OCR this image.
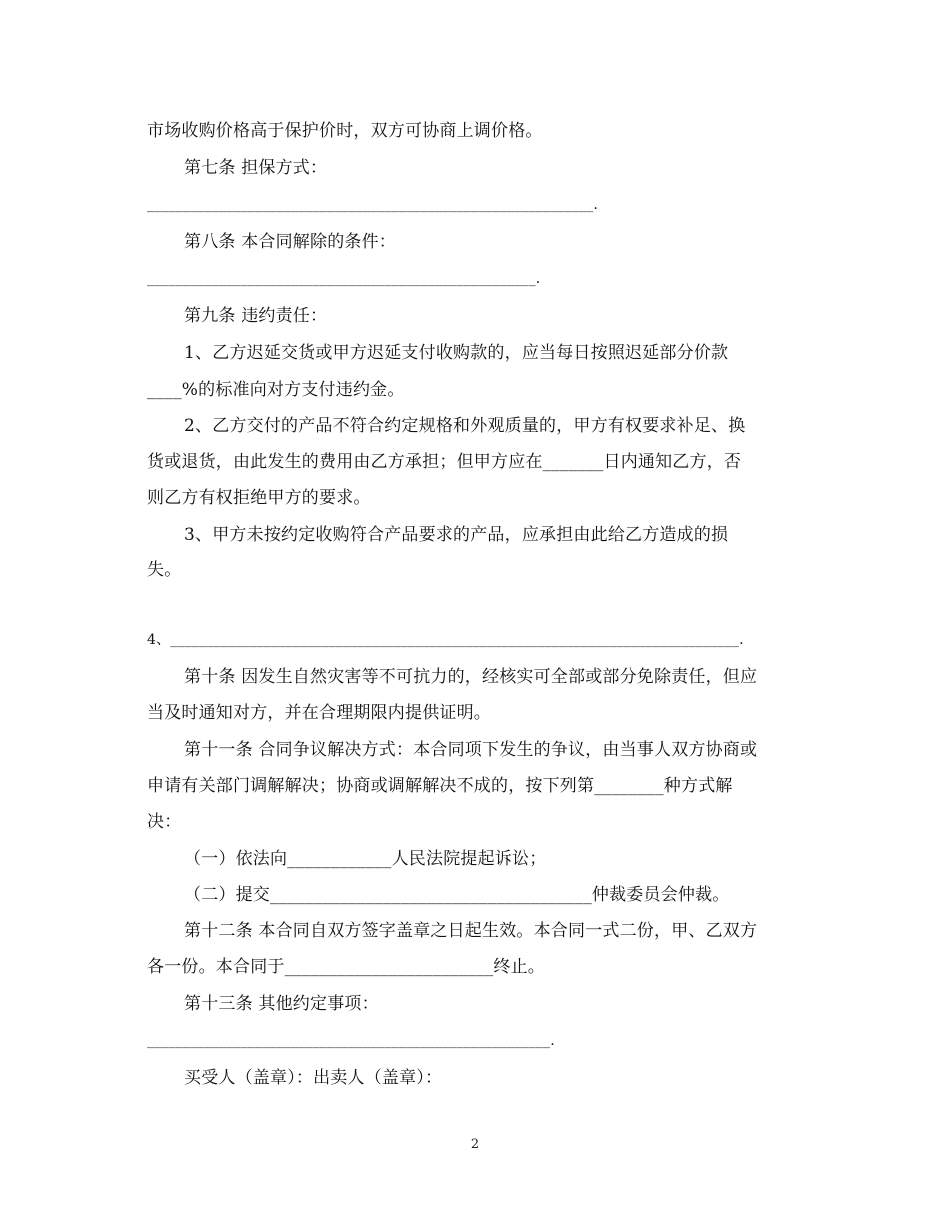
市场收购价格高于保护价时，双方可协商上调价格。
第七条 担保方式：
______________________________________________________________.
第八条 本合同解除的条件：
______________________________________________________.
第九条 违约责任：
1、乙方迟延交货或甲方迟延支付收购款的，应当每日按照迟延部分价款
____%的标准向对方支付违约金。
2、乙方交付的产品不符合约定规格和外观质量的，甲方有权要求补足、换
货或退货，由此发生的费用由乙方承担；但甲方应在_______日内通知乙方，否
则乙方有权拒绝甲方的要求。
3、甲方未按约定收购符合产品要求的产品，应承担由此给乙方造成的损
失。
4、_______________________________________________________________________________.
第十条 因发生自然灾害等不可抗力的，经核实可全部或部分免除责任，但应
当及时通知对方，并在合理期限内提供证明。
第十一条 合同争议解决方式：本合同项下发生的争议，由当事人双方协商或
申请有关部门调解解决；协商或调解解决不成的，按下列第________种方式解
决：
（一）依法向____________人民法院提起诉讼；
（二）提交_____________________________________仲裁委员会仲裁。
第十二条 本合同自双方签字盖章之日起生效。本合同一式二份，甲、乙双方
各一份。本合同于________________________终止。
第十三条 其他约定事项：
________________________________________________________.
买受人（盖章）：出卖人（盖章）：
2
